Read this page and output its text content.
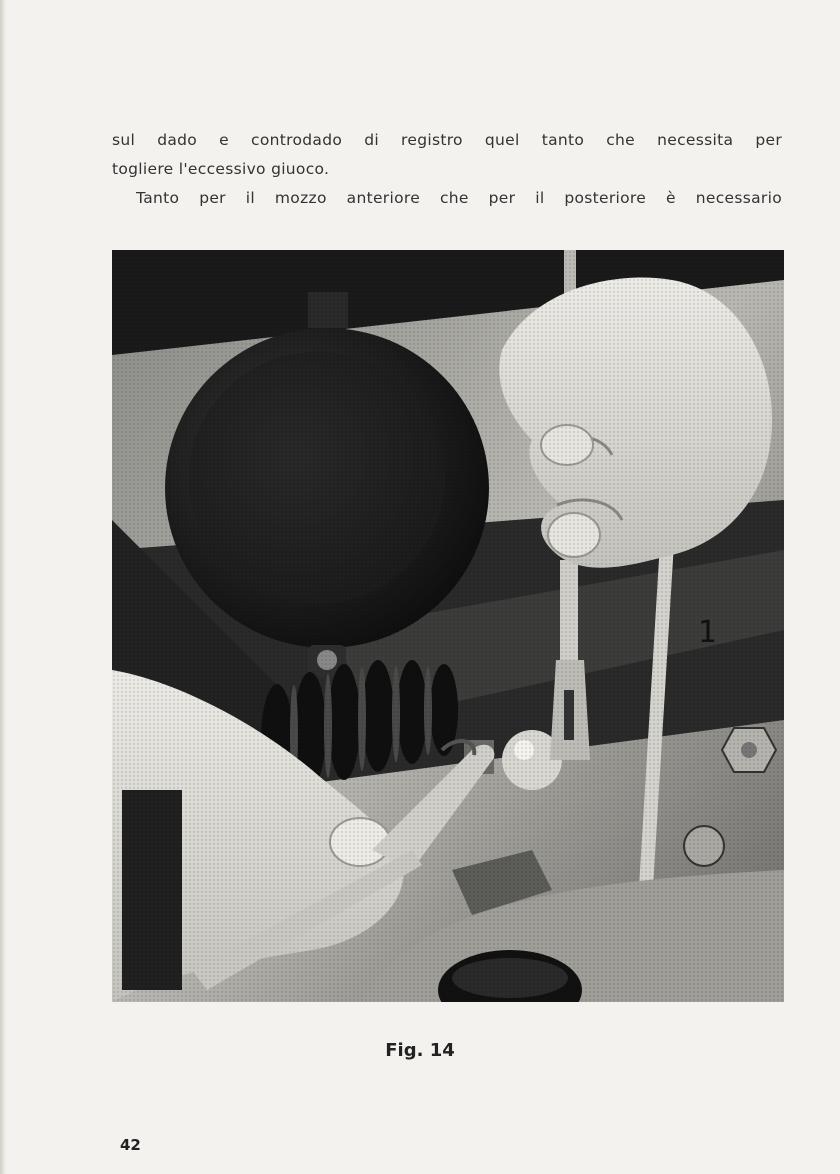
sul dado e controdado di registro quel tanto che necessita per

togliere l'eccessivo giuoco.

Tanto per il mozzo anteriore che per il posteriore è necessario

Fig. 14
42
